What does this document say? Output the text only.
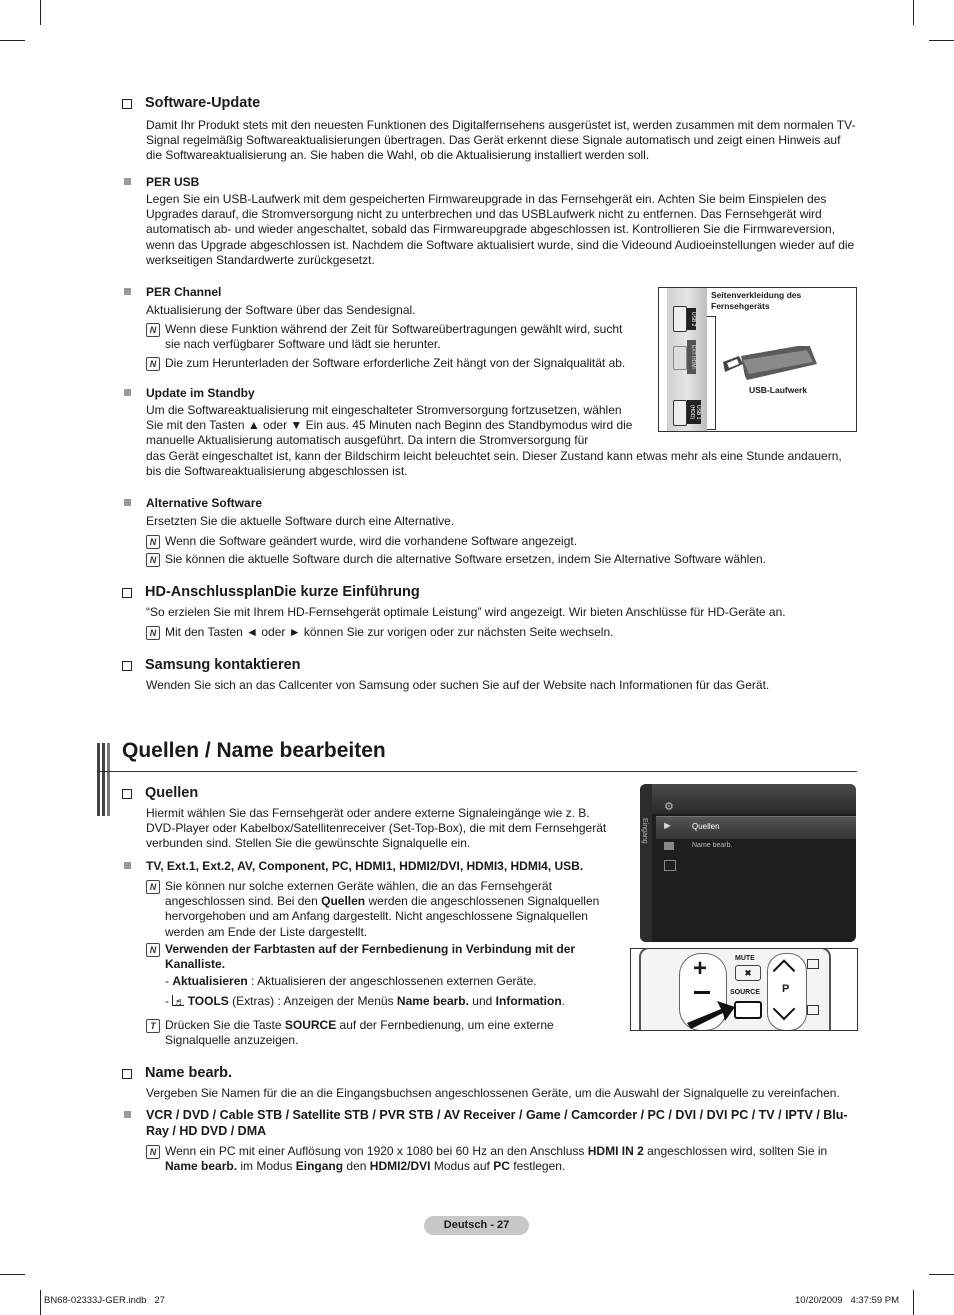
Software-Update
Damit Ihr Produkt stets mit den neuesten Funktionen des Digitalfernsehens ausgerüstet ist, werden zusammen mit dem normalen TV-Signal regelmäßig Softwareaktualisierungen übertragen. Das Gerät erkennt diese Signale automatisch und zeigt einen Hinweis auf die Softwareaktualisierung an. Sie haben die Wahl, ob die Aktualisierung installiert werden soll.
PER USB
Legen Sie ein USB-Laufwerk mit dem gespeicherten Firmwareupgrade in das Fernsehgerät ein. Achten Sie beim Einspielen des Upgrades darauf, die Stromversorgung nicht zu unterbrechen und das USBLaufwerk nicht zu entfernen. Das Fernsehgerät wird automatisch ab- und wieder angeschaltet, sobald das Firmwareupgrade abgeschlossen ist. Kontrollieren Sie die Firmwareversion, wenn das Upgrade abgeschlossen ist. Nachdem die Software aktualisiert wurde, sind die Videound Audioeinstellungen wieder auf die werkseitigen Standardwerte zurückgesetzt.
PER Channel
Aktualisierung der Software über das Sendesignal.
N Wenn diese Funktion während der Zeit für Softwareübertragungen gewählt wird, sucht sie nach verfügbarer Software und lädt sie herunter.
N Die zum Herunterladen der Software erforderliche Zeit hängt von der Signalqualität ab.
Update im Standby
Um die Softwareaktualisierung mit eingeschalteter Stromversorgung fortzusetzen, wählen Sie mit den Tasten ▲ oder ▼ Ein aus. 45 Minuten nach Beginn des Standbymodus wird die manuelle Aktualisierung automatisch ausgeführt. Da intern die Stromversorgung für
das Gerät eingeschaltet ist, kann der Bildschirm leicht beleuchtet sein. Dieser Zustand kann etwas mehr als eine Stunde andauern, bis die Softwareaktualisierung abgeschlossen ist.
Alternative Software
Ersetzten Sie die aktuelle Software durch eine Alternative.
N Wenn die Software geändert wurde, wird die vorhandene Software angezeigt.
N Sie können die aktuelle Software durch die alternative Software ersetzen, indem Sie Alternative Software wählen.
USB 2
EXT HDMI
USB 1 (HDD)
Seitenverkleidung des Fernsehgeräts
USB-Laufwerk
HD-AnschlussplanDie kurze Einführung
“So erzielen Sie mit Ihrem HD-Fernsehgerät optimale Leistung” wird angezeigt. Wir bieten Anschlüsse für HD-Geräte an.
N Mit den Tasten ◄ oder ► können Sie zur vorigen oder zur nächsten Seite wechseln.
Samsung kontaktieren
Wenden Sie sich an das Callcenter von Samsung oder suchen Sie auf der Website nach Informationen für das Gerät.
Quellen / Name bearbeiten
Quellen
Hiermit wählen Sie das Fernsehgerät oder andere externe Signaleingänge wie z. B. DVD-Player oder Kabelbox/Satellitenreceiver (Set-Top-Box), die mit dem Fernsehgerät verbunden sind. Stellen Sie die gewünschte Signalquelle ein.
TV, Ext.1, Ext.2, AV, Component, PC, HDMI1, HDMI2/DVI, HDMI3, HDMI4, USB.
N Sie können nur solche externen Geräte wählen, die an das Fernsehgerät angeschlossen sind. Bei den Quellen werden die angeschlossenen Signalquellen hervorgehoben und am Anfang dargestellt. Nicht angeschlossene Signalquellen werden am Ende der Liste dargestellt.
N Verwenden der Farbtasten auf der Fernbedienung in Verbindung mit der Kanalliste.
- Aktualisieren : Aktualisieren der angeschlossenen externen Geräte.
- ♬ TOOLS (Extras) : Anzeigen der Menüs Name bearb. und Information.
T Drücken Sie die Taste SOURCE auf der Fernbedienung, um eine externe Signalquelle anzuzeigen.
Eingang
⚙
► Quellen
Name bearb.
+	MUTE
✖
SOURCE P
Name bearb.
Vergeben Sie Namen für die an die Eingangsbuchsen angeschlossenen Geräte, um die Auswahl der Signalquelle zu vereinfachen.
VCR / DVD / Cable STB / Satellite STB / PVR STB / AV Receiver / Game / Camcorder / PC / DVI / DVI PC / TV / IPTV / Blu- Ray / HD DVD / DMA
N Wenn ein PC mit einer Auflösung von 1920 x 1080 bei 60 Hz an den Anschluss HDMI IN 2 angeschlossen wird, sollten Sie in Name bearb. im Modus Eingang den HDMI2/DVI Modus auf PC festlegen.
Deutsch - 27
BN68-02333J-GER.indb   27	10/20/2009   4:37:59 PM
